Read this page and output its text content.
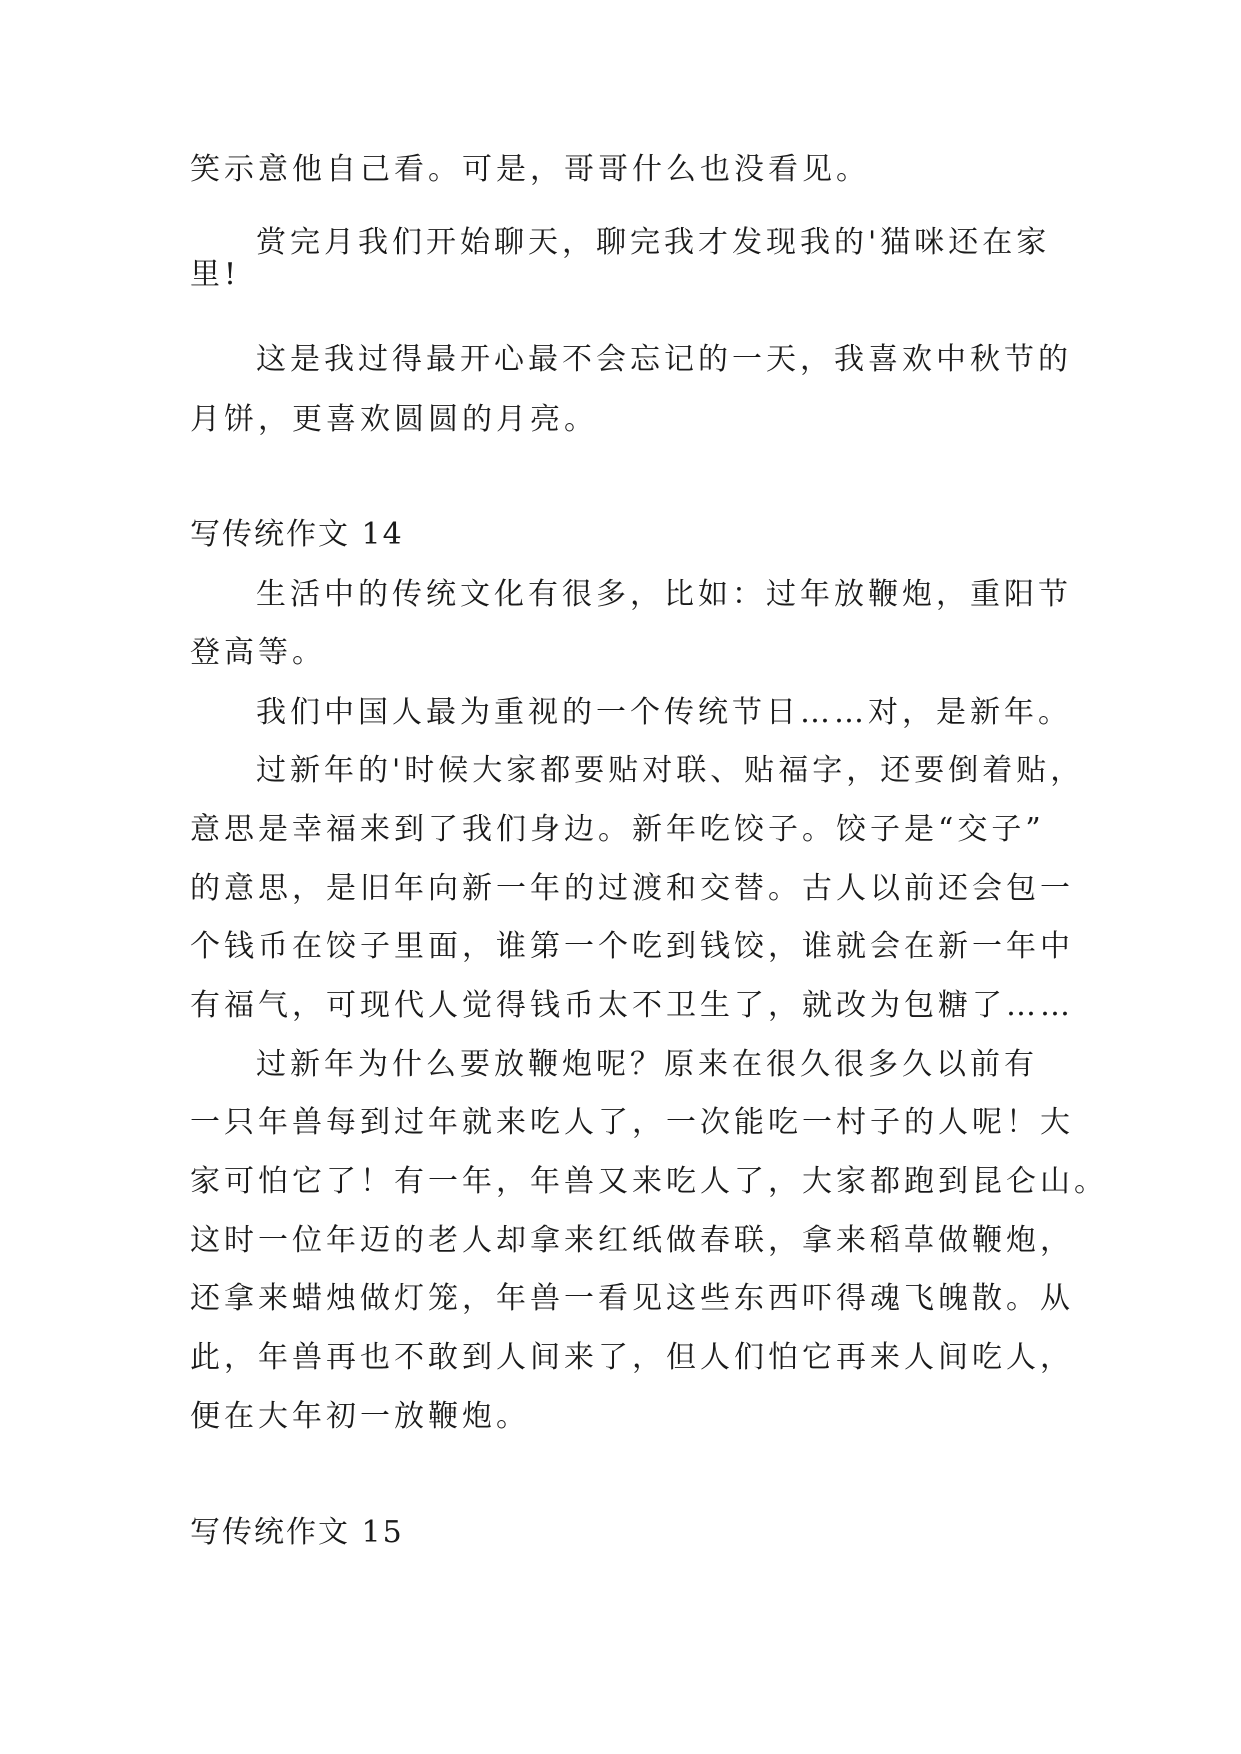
笑示意他自己看。可是，哥哥什么也没看见。
赏完月我们开始聊天，聊完我才发现我的'猫咪还在家
里!
这是我过得最开心最不会忘记的一天，我喜欢中秋节的
月饼，更喜欢圆圆的月亮。
写传统作文 14
生活中的传统文化有很多，比如：过年放鞭炮，重阳节
登高等。
我们中国人最为重视的一个传统节日……对，是新年。
过新年的'时候大家都要贴对联、贴福字，还要倒着贴，
意思是幸福来到了我们身边。新年吃饺子。饺子是“交子”
的意思，是旧年向新一年的过渡和交替。古人以前还会包一
个钱币在饺子里面，谁第一个吃到钱饺，谁就会在新一年中
有福气，可现代人觉得钱币太不卫生了，就改为包糖了……
过新年为什么要放鞭炮呢？原来在很久很多久以前有
一只年兽每到过年就来吃人了，一次能吃一村子的人呢！大
家可怕它了！有一年，年兽又来吃人了，大家都跑到昆仑山。
这时一位年迈的老人却拿来红纸做春联，拿来稻草做鞭炮，
还拿来蜡烛做灯笼，年兽一看见这些东西吓得魂飞魄散。从
此，年兽再也不敢到人间来了，但人们怕它再来人间吃人，
便在大年初一放鞭炮。
写传统作文 15
